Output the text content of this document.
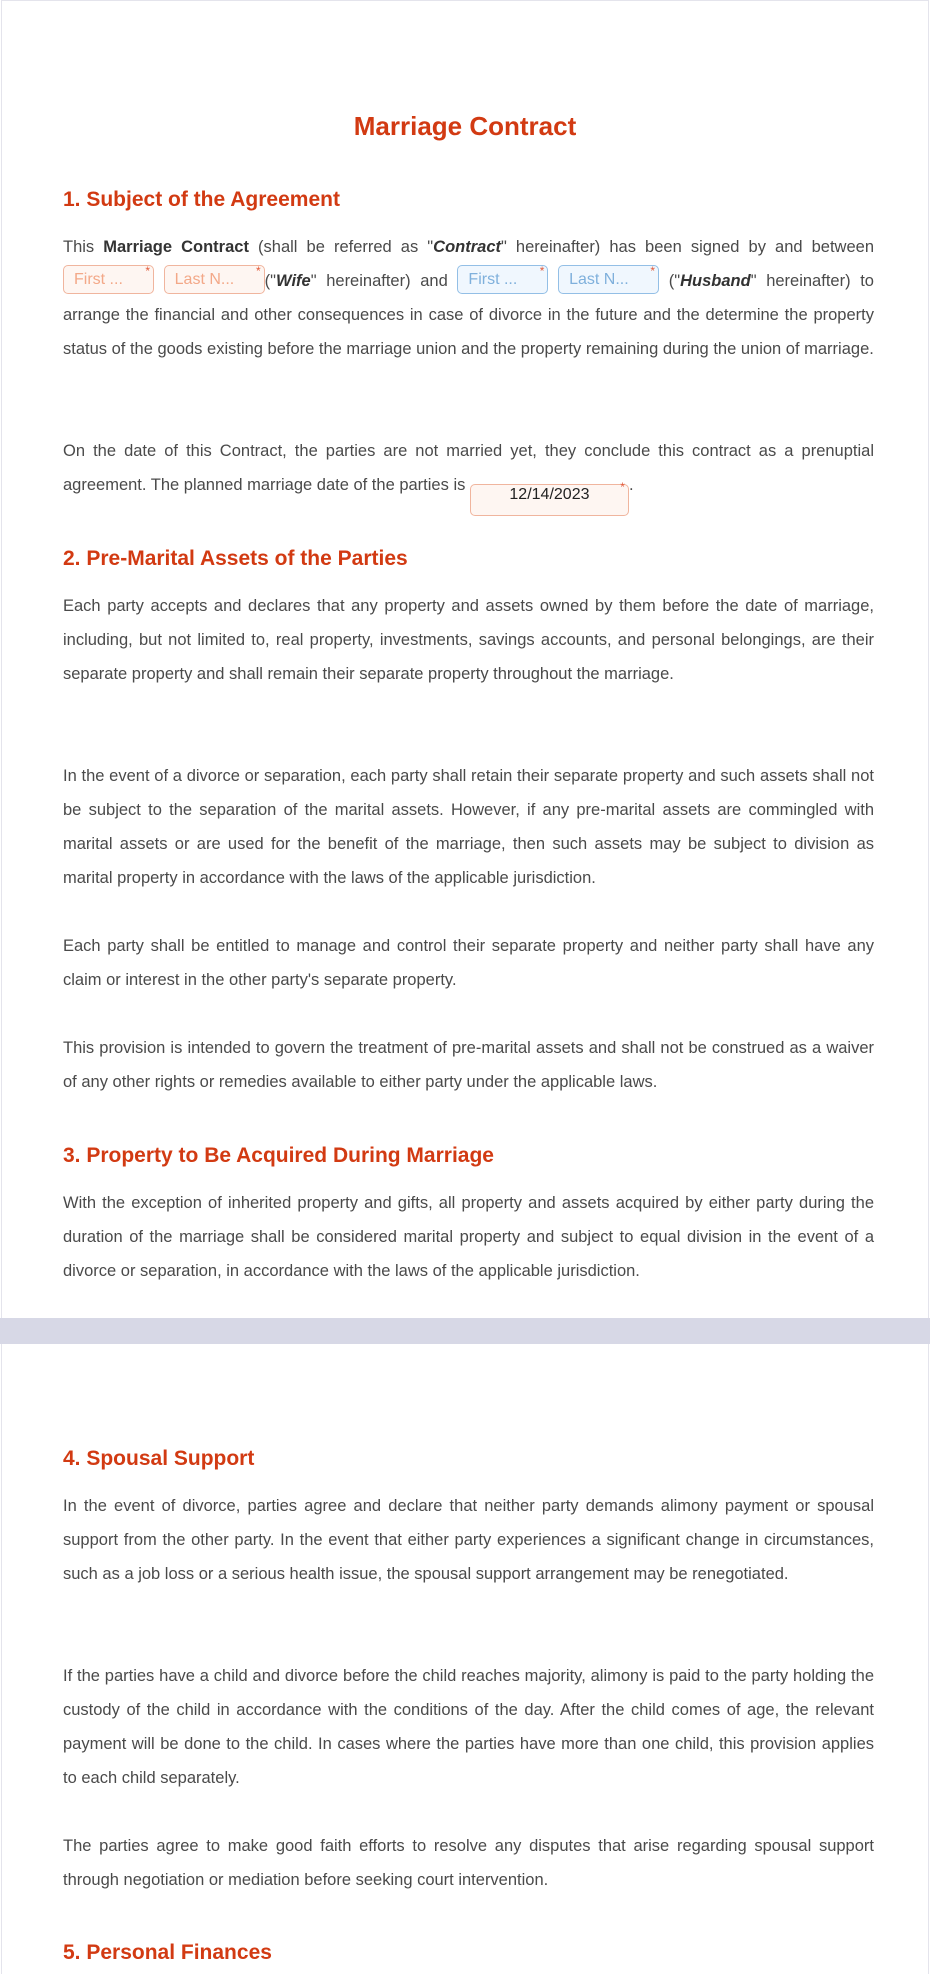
Marriage Contract
1. Subject of the Agreement
This Marriage Contract (shall be referred as "Contract" hereinafter) has been signed by and between First ... * Last N... *
("Wife" hereinafter) and First ... * Last N... *
("Husband" hereinafter) to arrange the financial and other consequences in case of divorce in the future and the determine the property status of the goods existing before the marriage union and the property remaining during the union of marriage.
On the date of this Contract, the parties are not married yet, they conclude this contract as a prenuptial agreement. The planned marriage date of the parties is 12/14/2023	* .
2. Pre-Marital Assets of the Parties
Each party accepts and declares that any property and assets owned by them before the date of marriage, including, but not limited to, real property, investments, savings accounts, and personal belongings, are their separate property and shall remain their separate property throughout the marriage.
In the event of a divorce or separation, each party shall retain their separate property and such assets shall not be subject to the separation of the marital assets. However, if any pre-marital assets are commingled with marital assets or are used for the benefit of the marriage, then such assets may be subject to division as marital property in accordance with the laws of the applicable jurisdiction.
Each party shall be entitled to manage and control their separate property and neither party shall have any claim or interest in the other party's separate property.
This provision is intended to govern the treatment of pre-marital assets and shall not be construed as a waiver of any other rights or remedies available to either party under the applicable laws.
3. Property to Be Acquired During Marriage
With the exception of inherited property and gifts, all property and assets acquired by either party during the duration of the marriage shall be considered marital property and subject to equal division in the event of a divorce or separation, in accordance with the laws of the applicable jurisdiction.
4. Spousal Support
In the event of divorce, parties agree and declare that neither party demands alimony payment or spousal support from the other party. In the event that either party experiences a significant change in circumstances, such as a job loss or a serious health issue, the spousal support arrangement may be renegotiated.
If the parties have a child and divorce before the child reaches majority, alimony is paid to the party holding the custody of the child in accordance with the conditions of the day. After the child comes of age, the relevant payment will be done to the child. In cases where the parties have more than one child, this provision applies to each child separately.
The parties agree to make good faith efforts to resolve any disputes that arise regarding spousal support through negotiation or mediation before seeking court intervention.
5. Personal Finances
